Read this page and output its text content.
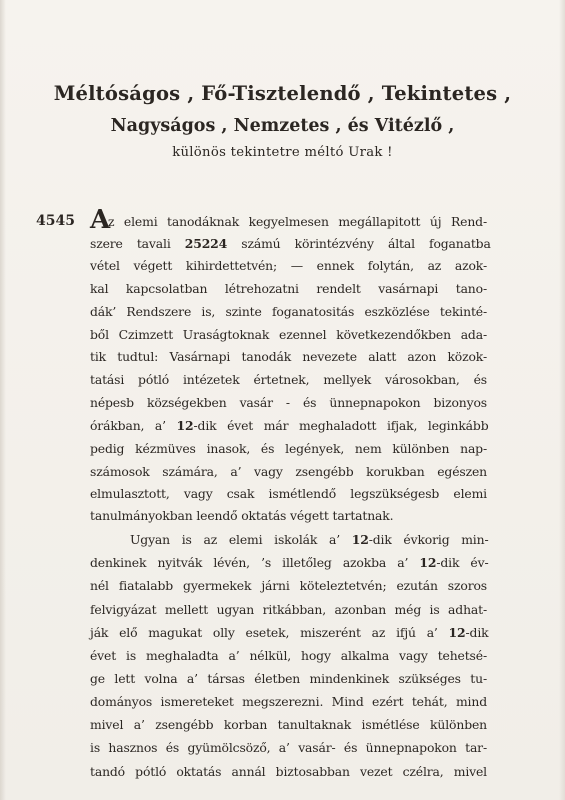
Méltóságos , Fő-Tisztelendő , Tekintetes ,
Nagyságos , Nemzetes , és Vitézlő ,
különös tekintetre méltó Urak !
4545 A
z elemi tanodáknak kegyelmesen megállapitott új Rend-
szere tavali 25224 számú körintézvény által foganatba
vétel végett kihirdettetvén; — ennek folytán, az azok-
kal kapcsolatban létrehozatni rendelt vasárnapi tano-
dák’ Rendszere is, szinte foganatositás eszközlése tekinté-
ből Czimzett Uraságtoknak ezennel következendőkben ada-
tik tudtul: Vasárnapi tanodák nevezete alatt azon közok-
tatási pótló intézetek értetnek, mellyek városokban, és
népesb községekben vasár - és ünnepnapokon bizonyos
órákban, a’ 12-dik évet már meghaladott ifjak, leginkább
pedig kézmüves inasok, és legények, nem különben nap-
számosok számára, a’ vagy zsengébb korukban egészen
elmulasztott, vagy csak ismétlendő legszükségesb elemi
tanulmányokban leendő oktatás végett tartatnak.
Ugyan is az elemi iskolák a’ 12-dik évkorig min-
denkinek nyitvák lévén, ’s illetőleg azokba a’ 12-dik év-
nél fiatalabb gyermekek járni köteleztetvén; ezután szoros
felvigyázat mellett ugyan ritkábban, azonban még is adhat-
ják elő magukat olly esetek, miszerént az ifjú a’ 12-dik
évet is meghaladta a’ nélkül, hogy alkalma vagy tehetsé-
ge lett volna a’ társas életben mindenkinek szükséges tu-
dományos ismereteket megszerezni. Mind ezért tehát, mind
mivel a’ zsengébb korban tanultaknak ismétlése különben
is hasznos és gyümölcsöző, a’ vasár- és ünnepnapokon tar-
tandó pótló oktatás annál biztosabban vezet czélra, mivel
